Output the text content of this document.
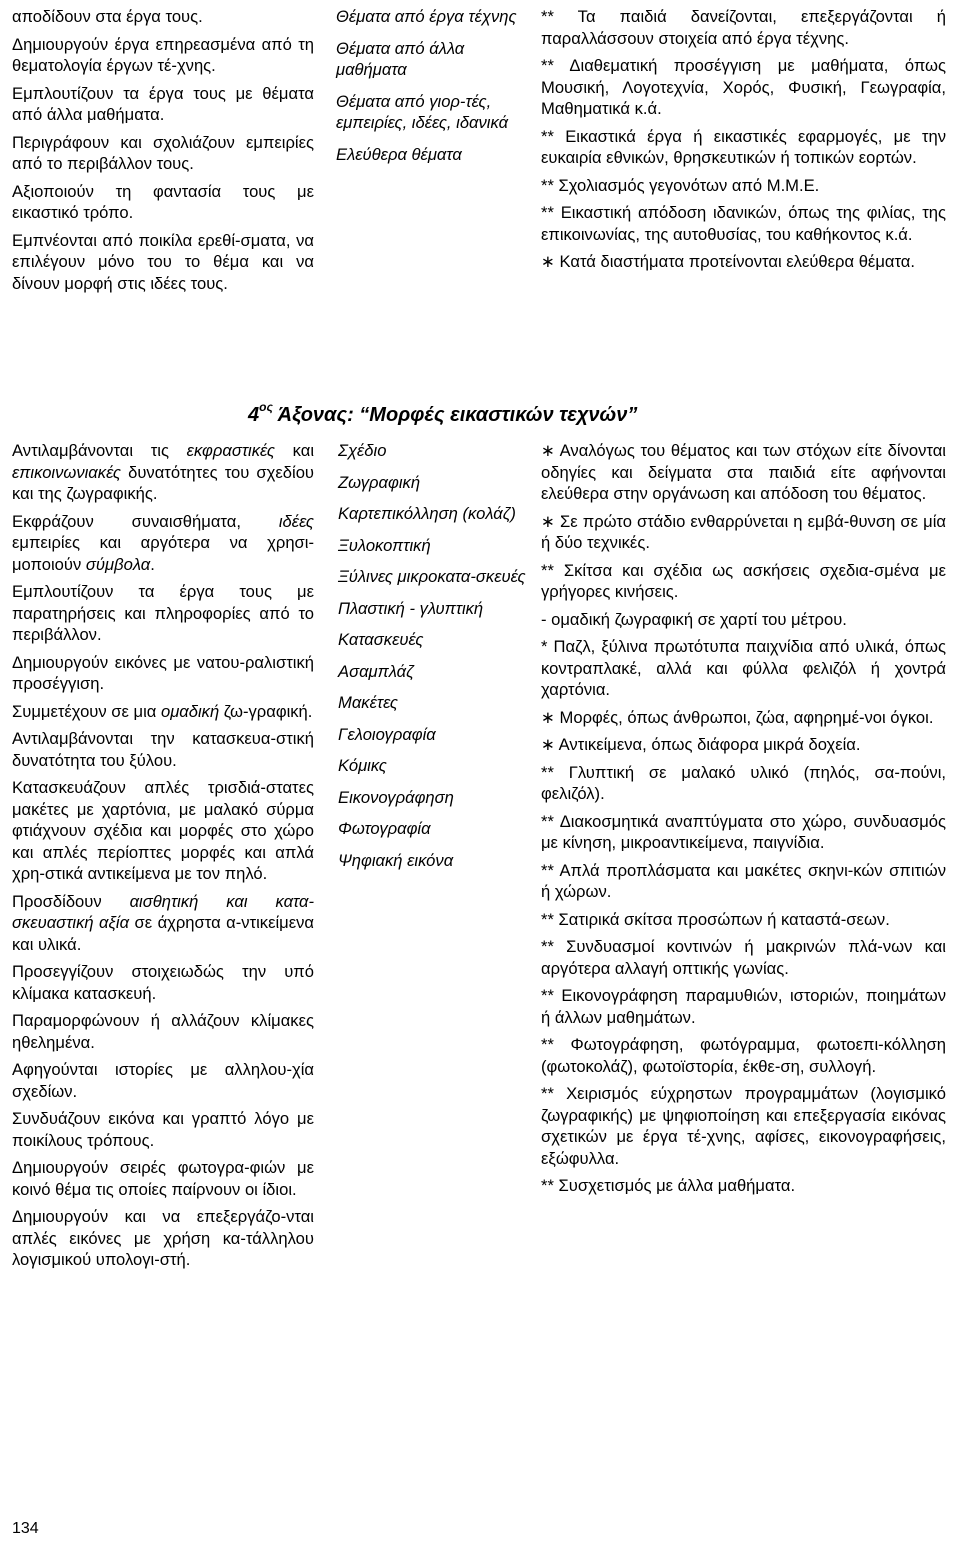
αποδίδουν στα έργα τους.

Δημιουργούν έργα επηρεασμένα από τη θεματολογία έργων τέ-χνης.

Εμπλουτίζουν τα έργα τους με θέματα από άλλα μαθήματα.

Περιγράφουν και σχολιάζουν εμπειρίες από το περιβάλλον τους.

Αξιοποιούν τη φαντασία τους με εικαστικό τρόπο.

Εμπνέονται από ποικίλα ερεθί-σματα, να επιλέγουν μόνο του το θέμα και να δίνουν μορφή στις ιδέες τους.

Θέματα από έργα τέχνης

Θέματα από άλλα μαθήματα

Θέματα από γιορ-τές, εμπειρίες, ιδέες, ιδανικά

Ελεύθερα θέματα

** Τα παιδιά δανείζονται, επεξεργάζονται ή παραλλάσσουν στοιχεία από έργα τέχνης.

** Διαθεματική προσέγγιση με μαθήματα, όπως Μουσική, Λογοτεχνία, Χορός, Φυσική, Γεωγραφία, Μαθηματικά κ.ά.

** Εικαστικά έργα ή εικαστικές εφαρμογές, με την ευκαιρία εθνικών, θρησκευτικών ή τοπικών εορτών.

** Σχολιασμός γεγονότων από Μ.Μ.Ε.

** Εικαστική απόδοση ιδανικών, όπως της φιλίας, της επικοινωνίας, της αυτοθυσίας, του καθήκοντος κ.ά.

∗ Κατά διαστήματα προτείνονται ελεύθερα θέματα.

$4^{o\varsigma}$ Άξονας: “Μορφές εικαστικών τεχνών”

Αντιλαμβάνονται τις εκφραστικές και επικοινωνιακές δυνατότητες του σχεδίου και της ζωγραφικής.

Εκφράζουν συναισθήματα, ιδέες εμπειρίες και αργότερα να χρησι-μοποιούν σύμβολα.

Εμπλουτίζουν τα έργα τους με παρατηρήσεις και πληροφορίες από το περιβάλλον.

Δημιουργούν εικόνες με νατου-ραλιστική προσέγγιση.

Συμμετέχουν σε μια ομαδική ζω-γραφική.

Αντιλαμβάνονται την κατασκευα-στική δυνατότητα του ξύλου.

Κατασκευάζουν απλές τρισδιά-στατες μακέτες με χαρτόνια, με μαλακό σύρμα φτιάχνουν σχέδια και μορφές στο χώρο και απλές περίοπτες μορφές και απλά χρη-στικά αντικείμενα με τον πηλό.

Προσδίδουν αισθητική και κατα-σκευαστική αξία σε άχρηστα α-ντικείμενα και υλικά.

Προσεγγίζουν στοιχειωδώς την υπό κλίμακα κατασκευή.

Παραμορφώνουν ή αλλάζουν κλίμακες ηθελημένα.

Αφηγούνται ιστορίες με αλληλου-χία σχεδίων.

Συνδυάζουν εικόνα και γραπτό λόγο με ποικίλους τρόπους.

Δημιουργούν σειρές φωτογρα-φιών με κοινό θέμα τις οποίες παίρνουν οι ίδιοι.

Δημιουργούν και να επεξεργάζο-νται απλές εικόνες με χρήση κα-τάλληλου λογισμικού υπολογι-στή.

Σχέδιο

Ζωγραφική

Καρτεπικόλληση (κολάζ)

Ξυλοκοπτική

Ξύλινες μικροκατα-σκευές

Πλαστική - γλυπτική

Κατασκευές

Ασαμπλάζ

Μακέτες

Γελοιογραφία

Κόμικς

Εικονογράφηση

Φωτογραφία

Ψηφιακή εικόνα

∗ Αναλόγως του θέματος και των στόχων είτε δίνονται οδηγίες και δείγματα στα παιδιά είτε αφήνονται ελεύθερα στην οργάνωση και απόδοση του θέματος.

∗ Σε πρώτο στάδιο ενθαρρύνεται η εμβά-θυνση σε μία ή δύο τεχνικές.

** Σκίτσα και σχέδια ως ασκήσεις σχεδια-σμένα με γρήγορες κινήσεις.

- ομαδική ζωγραφική σε χαρτί του μέτρου.

* Παζλ, ξύλινα πρωτότυπα παιχνίδια από υλικά, όπως κοντραπλακέ, αλλά και φύλλα φελιζόλ ή χοντρά χαρτόνια.

∗ Μορφές, όπως άνθρωποι, ζώα, αφηρημέ-νοι όγκοι.

∗ Αντικείμενα, όπως διάφορα μικρά δοχεία.

** Γλυπτική σε μαλακό υλικό (πηλός, σα-πούνι, φελιζόλ).

** Διακοσμητικά αναπτύγματα στο χώρο, συνδυασμός με κίνηση, μικροαντικείμενα, παιγνίδια.

** Απλά προπλάσματα και μακέτες σκηνι-κών σπιτιών ή χώρων.

** Σατιρικά σκίτσα προσώπων ή καταστά-σεων.

** Συνδυασμοί κοντινών ή μακρινών πλά-νων και αργότερα αλλαγή οπτικής γωνίας.

** Εικονογράφηση παραμυθιών, ιστοριών, ποιημάτων ή άλλων μαθημάτων.

** Φωτογράφηση, φωτόγραμμα, φωτοεπι-κόλληση (φωτοκολάζ), φωτοϊστορία, έκθε-ση, συλλογή.

** Χειρισμός εύχρηστων προγραμμάτων (λογισμικό ζωγραφικής) με ψηφιοποίηση και επεξεργασία εικόνας σχετικών με έργα τέ-χνης, αφίσες, εικονογραφήσεις, εξώφυλλα.

** Συσχετισμός με άλλα μαθήματα.

134
